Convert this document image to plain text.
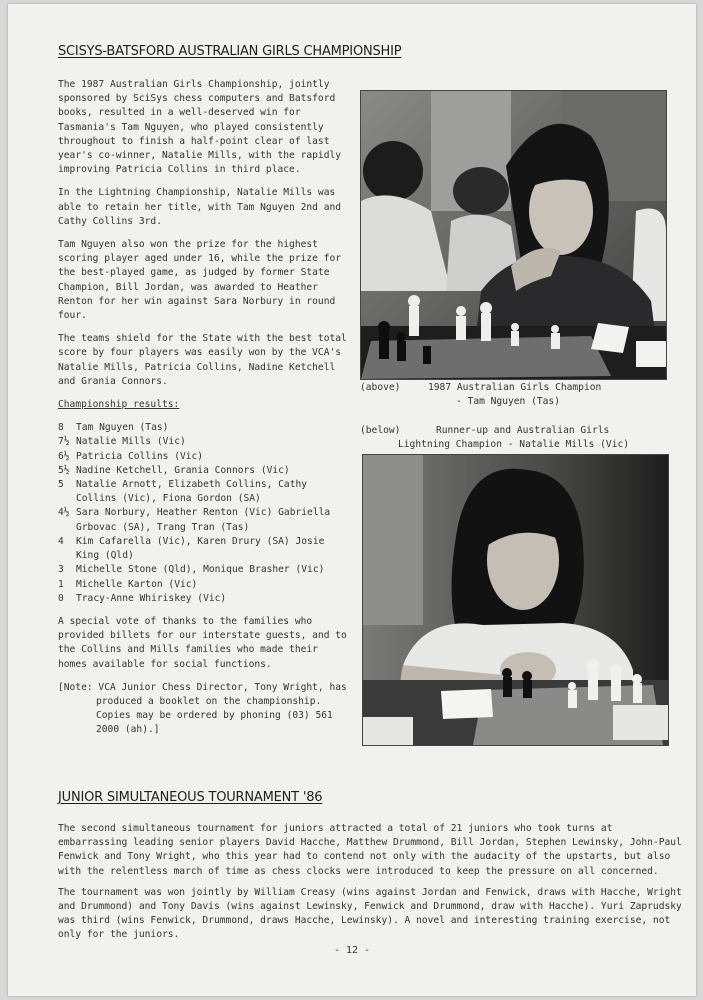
SCISYS-BATSFORD AUSTRALIAN GIRLS CHAMPIONSHIP

The 1987 Australian Girls Championship, jointly sponsored by SciSys chess computers and Batsford books, resulted in a well-deserved win for Tasmania's Tam Nguyen, who played consistently throughout to finish a half-point clear of last year's co-winner, Natalie Mills, with the rapidly improving Patricia Collins in third place.

In the Lightning Championship, Natalie Mills was able to retain her title, with Tam Nguyen 2nd and Cathy Collins 3rd.

Tam Nguyen also won the prize for the highest scoring player aged under 16, while the prize for the best-played game, as judged by former State Champion, Bill Jordan, was awarded to Heather Renton for her win against Sara Norbury in round four.

The teams shield for the State with the best total score by four players was easily won by the VCA's Natalie Mills, Patricia Collins, Nadine Ketchell and Grania Connors.

Championship results:

8	Tam Nguyen (Tas)
7½ Natalie Mills (Vic)
6½ Patricia Collins (Vic)
5½ Nadine Ketchell, Grania Connors (Vic)
5	Natalie Arnott, Elizabeth Collins, Cathy Collins (Vic), Fiona Gordon (SA)
4½ Sara Norbury, Heather Renton (Vic) Gabriella Grbovac (SA), Trang Tran (Tas)
4	Kim Cafarella (Vic), Karen Drury (SA) Josie King (Qld)
3	Michelle Stone (Qld), Monique Brasher (Vic)
1	Michelle Karton (Vic)
0	Tracy-Anne Whiriskey (Vic)

A special vote of thanks to the families who provided billets for our interstate guests, and to the Collins and Mills families who made their homes available for social functions.

[Note: VCA Junior Chess Director, Tony Wright, has produced a booklet on the championship. Copies may be ordered by phoning (03) 561 2000 (ah).]

(above)	1987 Australian Girls Champion
- Tam Nguyen (Tas)
(below)	Runner-up and Australian Girls
Lightning Champion - Natalie Mills (Vic)
JUNIOR SIMULTANEOUS TOURNAMENT '86

The second simultaneous tournament for juniors attracted a total of 21 juniors who took turns at embarrassing leading senior players David Hacche, Matthew Drummond, Bill Jordan, Stephen Lewinsky, John-Paul Fenwick and Tony Wright, who this year had to contend not only with the audacity of the upstarts, but also with the relentless march of time as chess clocks were introduced to keep the pressure on all concerned.

The tournament was won jointly by William Creasy (wins against Jordan and Fenwick, draws with Hacche, Wright and Drummond) and Tony Davis (wins against Lewinsky, Fenwick and Drummond, draw with Hacche). Yuri Zaprudsky was third (wins Fenwick, Drummond, draws Hacche, Lewinsky). A novel and interesting training exercise, not only for the juniors.

- 12 -
